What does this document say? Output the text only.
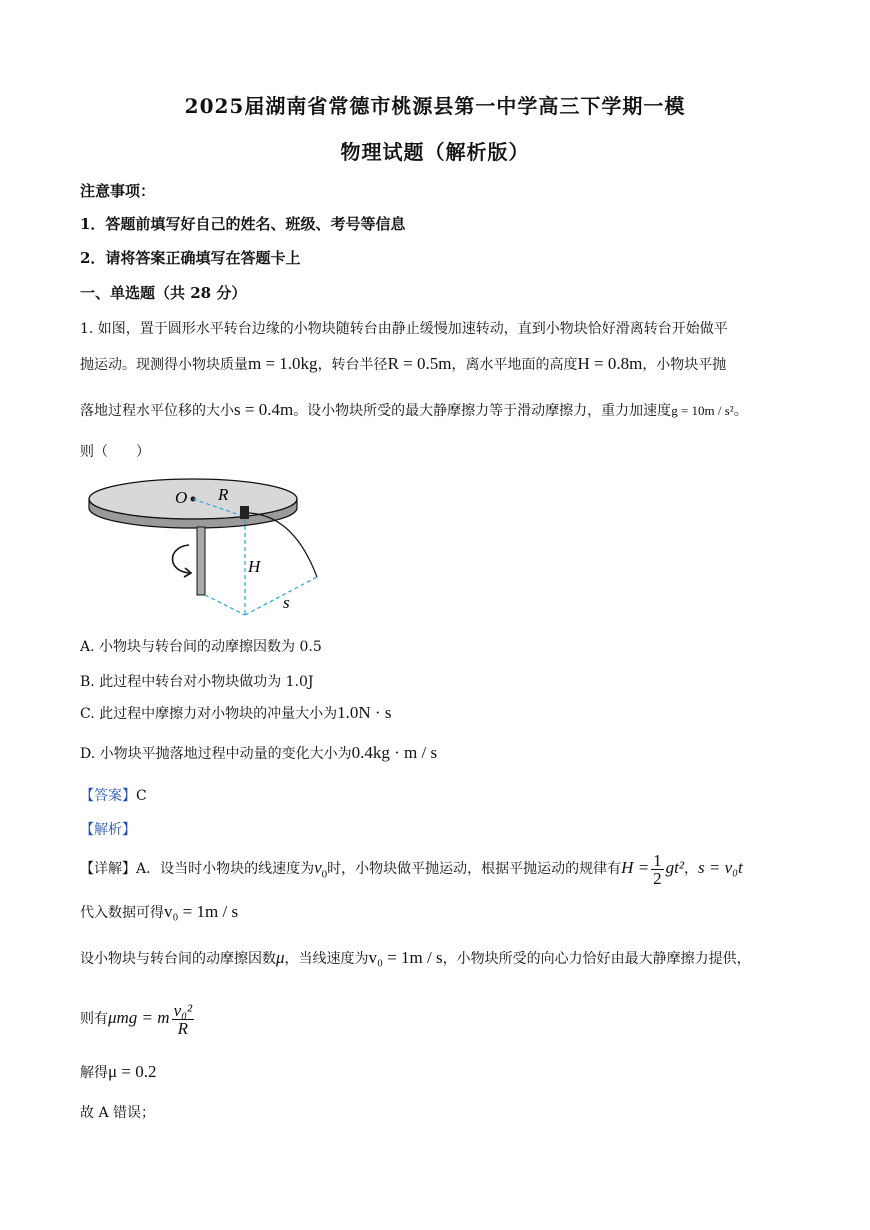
2025届湖南省常德市桃源县第一中学高三下学期一模
物理试题（解析版）
注意事项：
1．答题前填写好自己的姓名、班级、考号等信息
2．请将答案正确填写在答题卡上
一、单选题（共 28 分）
1. 如图，置于圆形水平转台边缘的小物块随转台由静止缓慢加速转动，直到小物块恰好滑离转台开始做平
抛运动。现测得小物块质量m = 1.0kg，转台半径R = 0.5m，离水平地面的高度H = 0.8m，小物块平抛
落地过程水平位移的大小s = 0.4m。设小物块所受的最大静摩擦力等于滑动摩擦力，重力加速度g = 10m / s²。
则（　　）
O R
H
s
A. 小物块与转台间的动摩擦因数为 0.5
B. 此过程中转台对小物块做功为 1.0J
C. 此过程中摩擦力对小物块的冲量大小为1.0N · s
D. 小物块平抛落地过程中动量的变化大小为0.4kg · m / s
【答案】C
【解析】
【详解】A．设当时小物块的线速度为$v_0$时，小物块做平抛运动，根据平抛运动的规律有$H = \frac{1}{2} gt^2$，s = v₀t
代入数据可得v₀ = 1m / s
设小物块与转台间的动摩擦因数μ，当线速度为v₀ = 1m / s，小物块所受的向心力恰好由最大静摩擦力提供，
则有μmg = m $\frac{\text{v₀²}}{R}$
解得μ = 0.2
故 A 错误；
